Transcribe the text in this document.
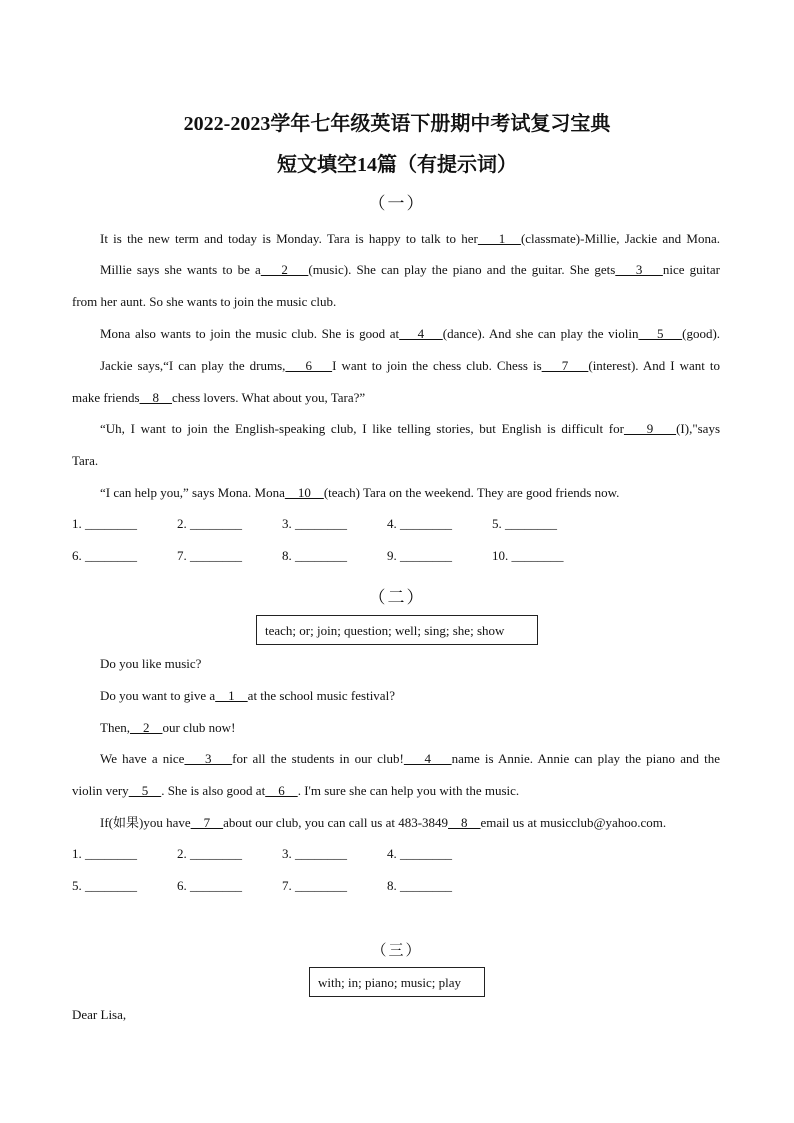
2022-2023学年七年级英语下册期中考试复习宝典
短文填空14篇（有提示词）
（一）
It is the new term and today is Monday. Tara is happy to talk to her    1   (classmate)-Millie, Jackie and Mona.
Millie says she wants to be a    2    (music). She can play the piano and the guitar. She gets    3    nice guitar
from her aunt. So she wants to join the music club.
Mona also wants to join the music club. She is good at    4    (dance). And she can play the violin    5    (good).
Jackie says,“I can play the drums,    6    I want to join the chess club. Chess is    7    (interest). And I want to
make friends    8    chess lovers. What about you, Tara?”
“Uh, I want to join the English-speaking club, I like telling stories, but English is difficult for    9    (I),"says
Tara.
“I can help you,” says Mona. Mona    10    (teach) Tara on the weekend. They are good friends now.
1. ________	2. ________	3. ________	4. ________	5. ________
6. ________	7. ________	8. ________	9. ________	10. ________
（二）
teach; or; join; question; well; sing; she; show
Do you like music?
Do you want to give a    1    at the school music festival?
Then,    2    our club now!
We have a nice    3    for all the students in our club!    4    name is Annie. Annie can play the piano and the
violin very    5    . She is also good at    6    . I'm sure she can help you with the music.
If(如果)you have    7    about our club, you can call us at 483-3849    8    email us at musicclub@yahoo.com.
1. ________	2. ________	3. ________	4. ________
5. ________	6. ________	7. ________	8. ________
（三）
with; in; piano; music; play
Dear Lisa,
